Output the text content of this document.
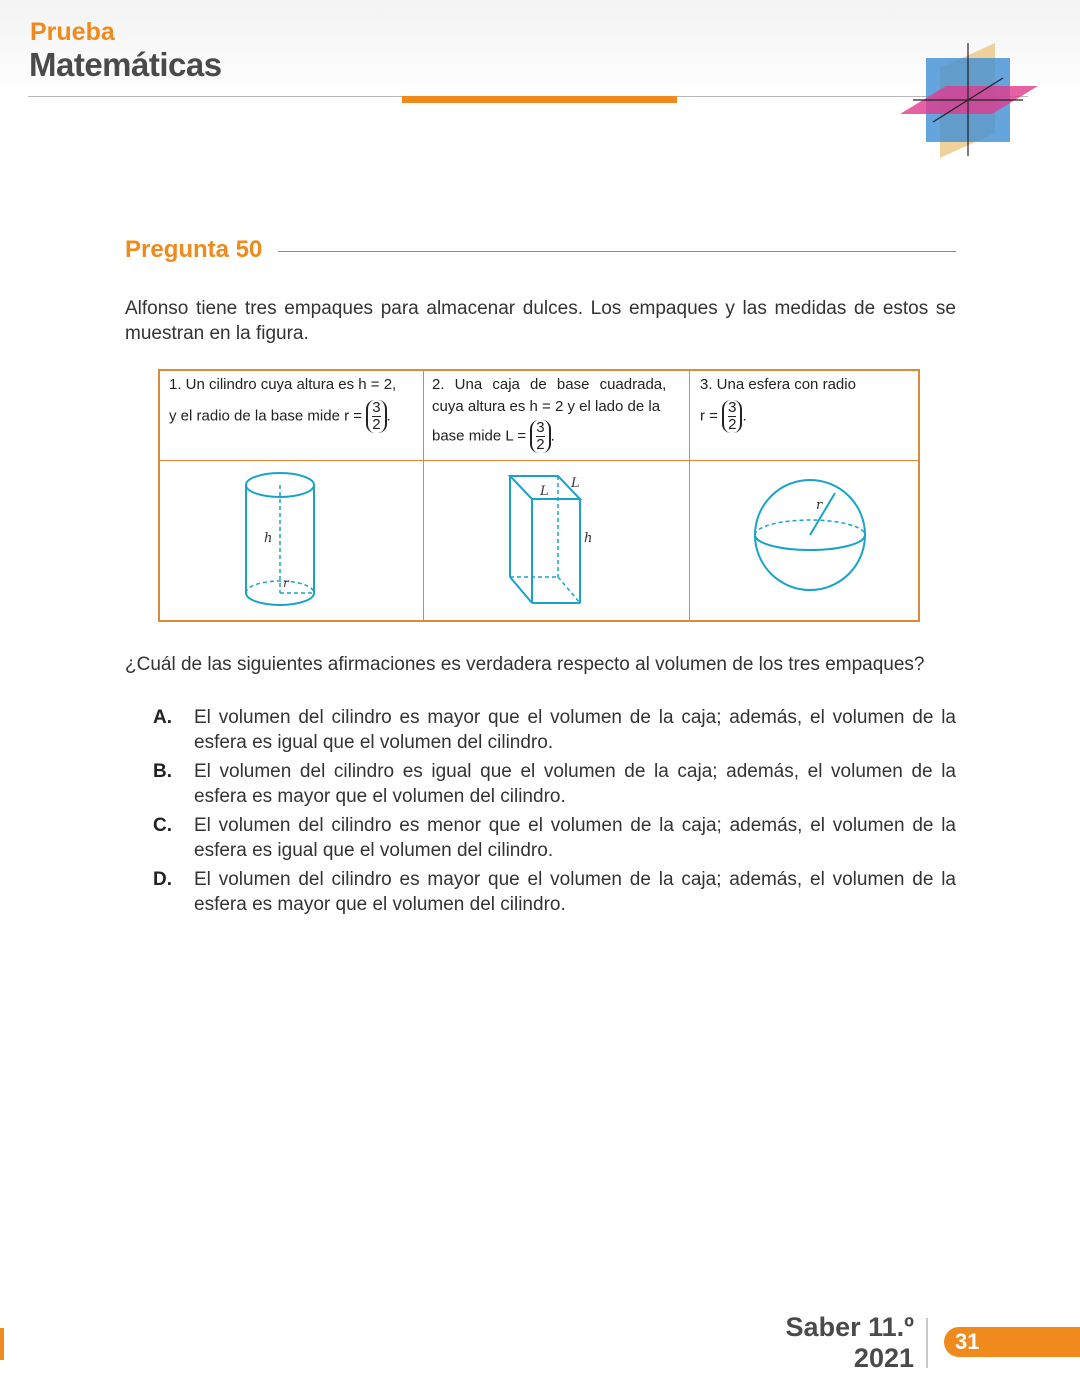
Prueba
Matemáticas
Pregunta 50
Alfonso tiene tres empaques para almacenar dulces. Los empaques y las medidas de estos se muestran en la figura.
1. Un cilindro cuya altura es h = 2,
y el radio de la base mide $r = \frac{3}{2}$ .
2. Una caja de base cuadrada,
cuya altura es h = 2 y el lado de la
base mide $L = \frac{3}{2}$ .
3. Una esfera con radio
$r = \frac{3}{2}$ .
h
r
L
L
h
r
¿Cuál de las siguientes afirmaciones es verdadera respecto al volumen de los tres empaques?
A. El volumen del cilindro es mayor que el volumen de la caja; además, el volumen de la esfera es igual que el volumen del cilindro.
B. El volumen del cilindro es igual que el volumen de la caja; además, el volumen de la esfera es mayor que el volumen del cilindro.
C. El volumen del cilindro es menor que el volumen de la caja; además, el volumen de la esfera es igual que el volumen del cilindro.
D. El volumen del cilindro es mayor que el volumen de la caja; además, el volumen de la esfera es mayor que el volumen del cilindro.
Saber 11.º
2021
31
